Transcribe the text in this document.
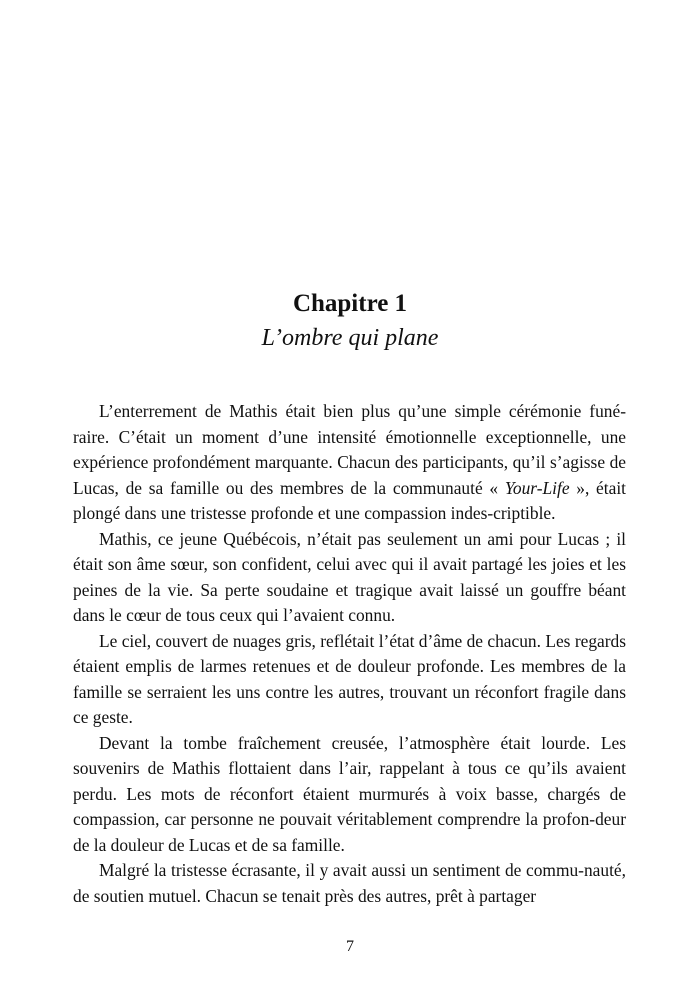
Chapitre 1
L’ombre qui plane

L’enterrement de Mathis était bien plus qu’une simple cérémonie funé-raire. C’était un moment d’une intensité émotionnelle exceptionnelle, une expérience profondément marquante. Chacun des participants, qu’il s’agisse de Lucas, de sa famille ou des membres de la communauté « Your-Life », était plongé dans une tristesse profonde et une compassion indes-criptible.

Mathis, ce jeune Québécois, n’était pas seulement un ami pour Lucas ; il était son âme sœur, son confident, celui avec qui il avait partagé les joies et les peines de la vie. Sa perte soudaine et tragique avait laissé un gouffre béant dans le cœur de tous ceux qui l’avaient connu.

Le ciel, couvert de nuages gris, reflétait l’état d’âme de chacun. Les regards étaient emplis de larmes retenues et de douleur profonde. Les membres de la famille se serraient les uns contre les autres, trouvant un réconfort fragile dans ce geste.

Devant la tombe fraîchement creusée, l’atmosphère était lourde. Les souvenirs de Mathis flottaient dans l’air, rappelant à tous ce qu’ils avaient perdu. Les mots de réconfort étaient murmurés à voix basse, chargés de compassion, car personne ne pouvait véritablement comprendre la profon-deur de la douleur de Lucas et de sa famille.

Malgré la tristesse écrasante, il y avait aussi un sentiment de commu-nauté, de soutien mutuel. Chacun se tenait près des autres, prêt à partager

7
